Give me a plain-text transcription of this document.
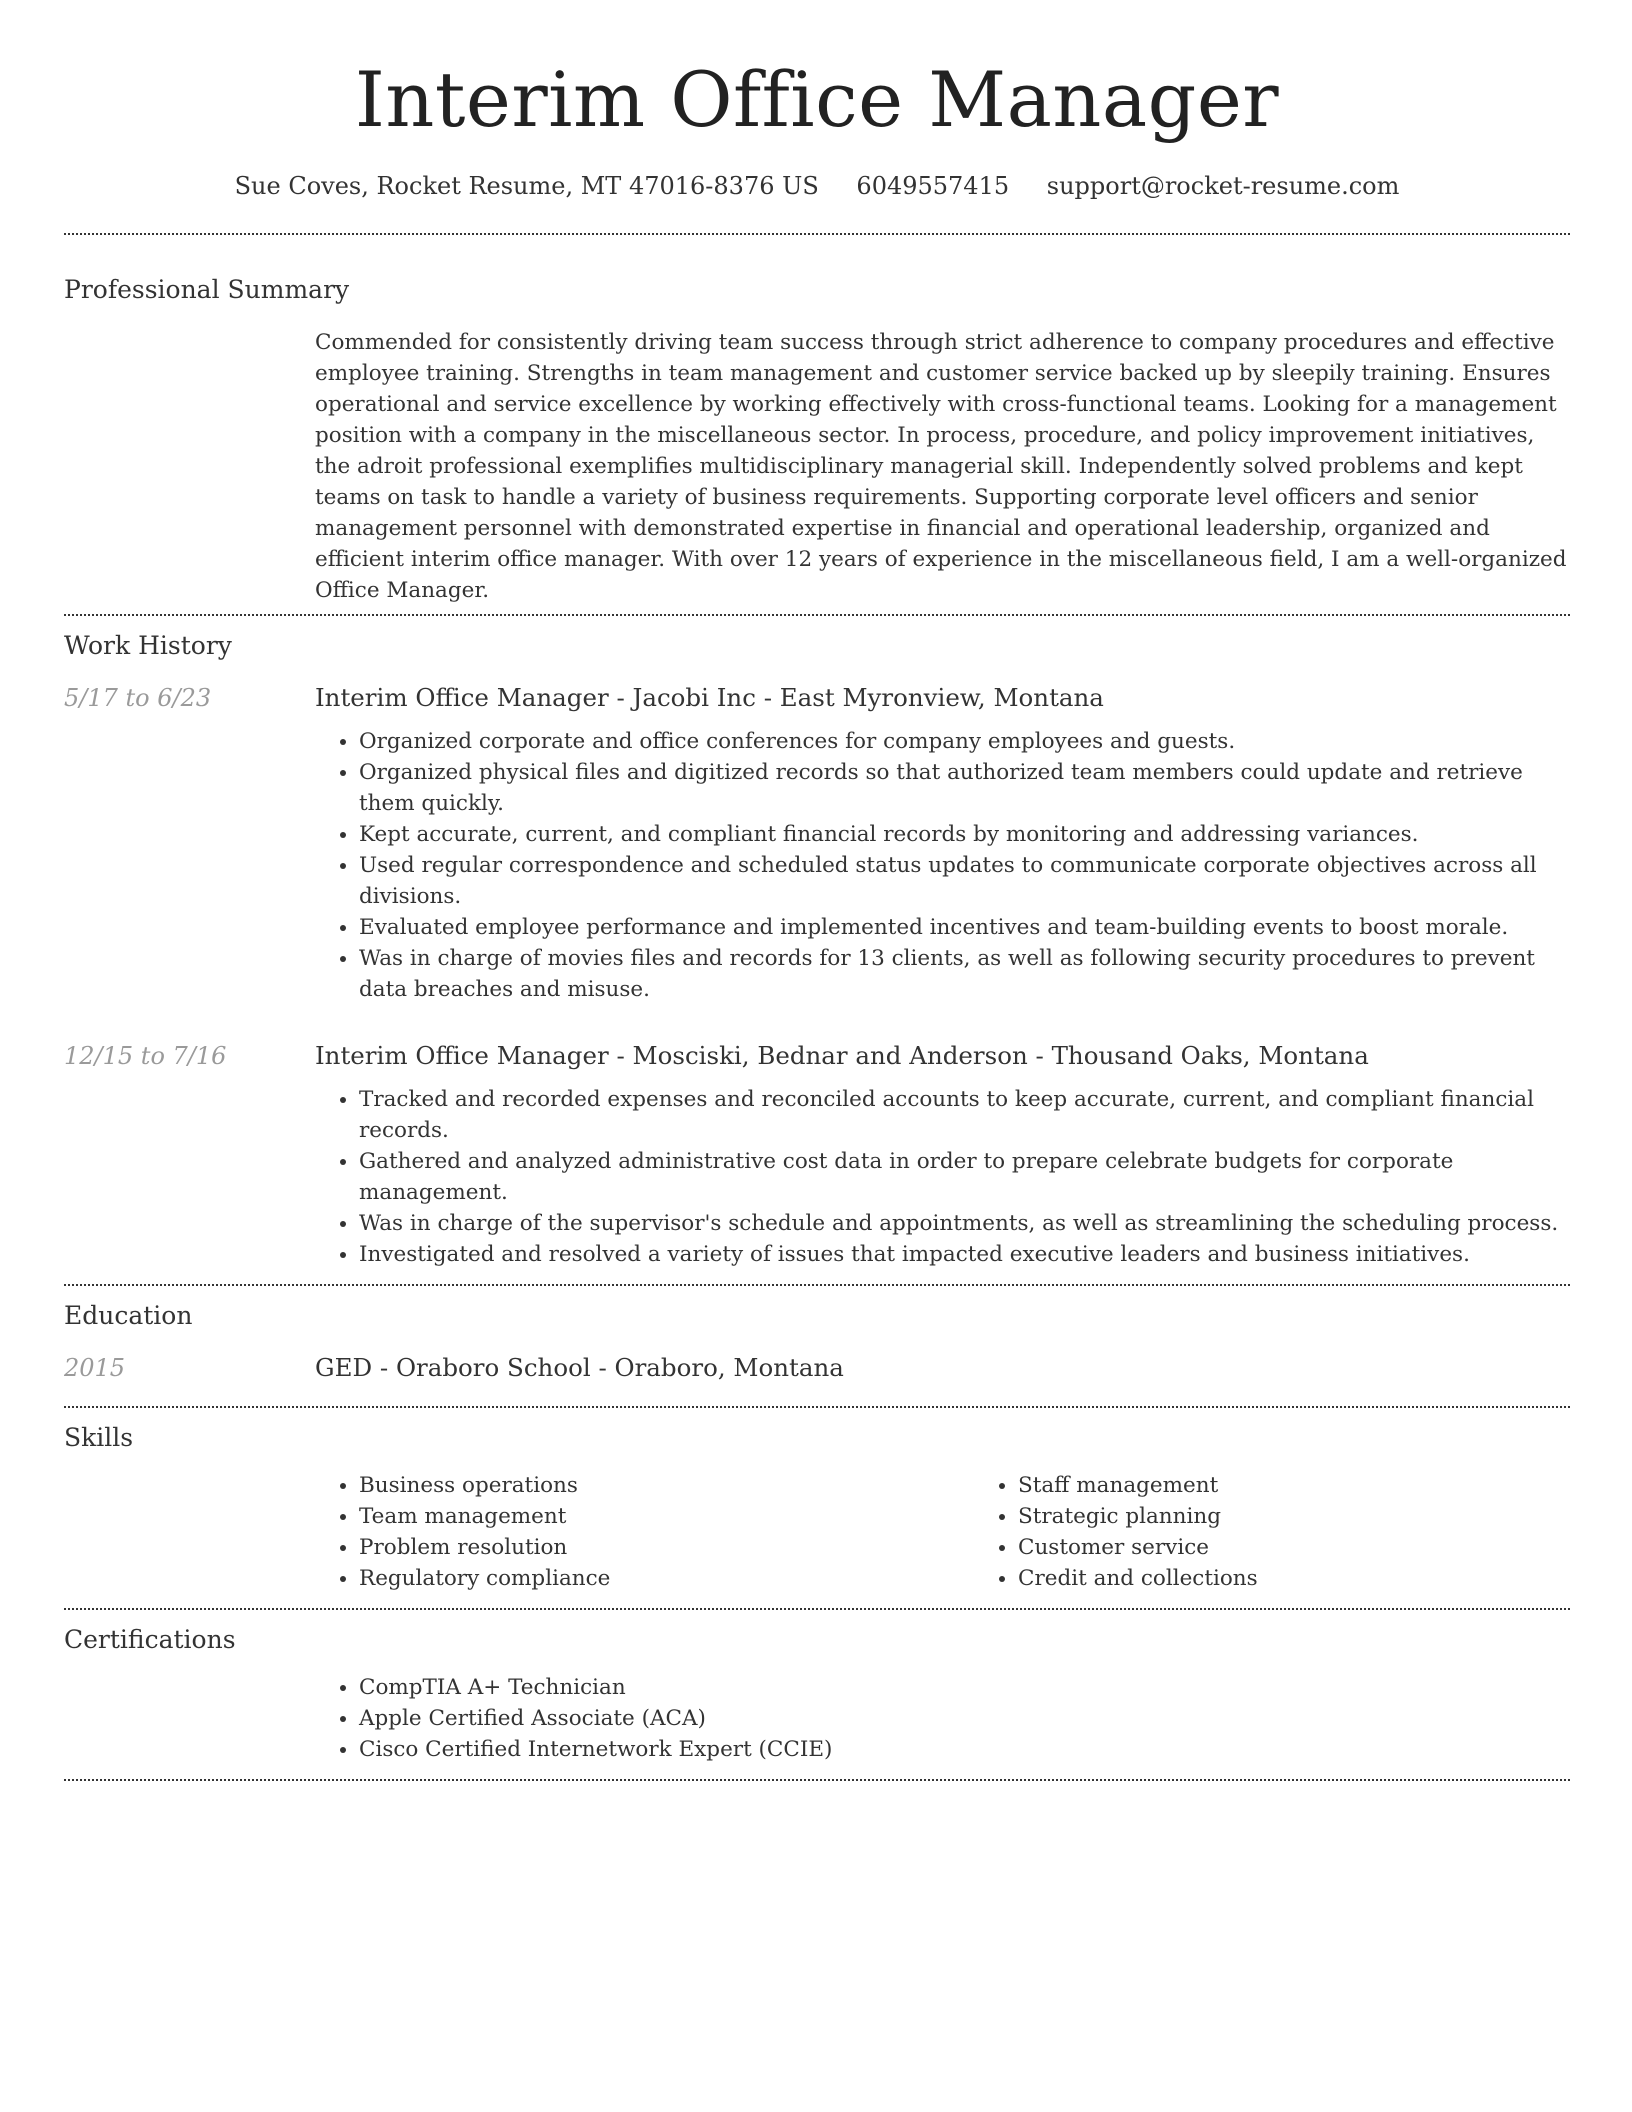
Interim Office Manager
Sue Coves, Rocket Resume, MT 47016-8376 US 6049557415 support@rocket-resume.com
Professional Summary

Commended for consistently driving team success through strict adherence to company procedures and effective employee training. Strengths in team management and customer service backed up by sleepily training. Ensures operational and service excellence by working effectively with cross-functional teams. Looking for a management position with a company in the miscellaneous sector. In process, procedure, and policy improvement initiatives, the adroit professional exemplifies multidisciplinary managerial skill. Independently solved problems and kept teams on task to handle a variety of business requirements. Supporting corporate level officers and senior management personnel with demonstrated expertise in financial and operational leadership, organized and efficient interim office manager. With over 12 years of experience in the miscellaneous field, I am a well-organized Office Manager.

Work History
5/17 to 6/23	Interim Office Manager - Jacobi Inc - East Myronview, Montana

• Organized corporate and office conferences for company employees and guests.
• Organized physical files and digitized records so that authorized team members could update and retrieve them quickly.
• Kept accurate, current, and compliant financial records by monitoring and addressing variances.
• Used regular correspondence and scheduled status updates to communicate corporate objectives across all divisions.
• Evaluated employee performance and implemented incentives and team-building events to boost morale.
• Was in charge of movies files and records for 13 clients, as well as following security procedures to prevent data breaches and misuse.
12/15 to 7/16	Interim Office Manager - Mosciski, Bednar and Anderson - Thousand Oaks, Montana

• Tracked and recorded expenses and reconciled accounts to keep accurate, current, and compliant financial records.
• Gathered and analyzed administrative cost data in order to prepare celebrate budgets for corporate management.
• Was in charge of the supervisor's schedule and appointments, as well as streamlining the scheduling process.
• Investigated and resolved a variety of issues that impacted executive leaders and business initiatives.
Education
2015	GED - Oraboro School - Oraboro, Montana

Skills
• Business operations
• Team management
• Problem resolution
• Regulatory compliance
• Staff management
• Strategic planning
• Customer service
• Credit and collections
Certifications
• CompTIA A+ Technician
• Apple Certified Associate (ACA)
• Cisco Certified Internetwork Expert (CCIE)
